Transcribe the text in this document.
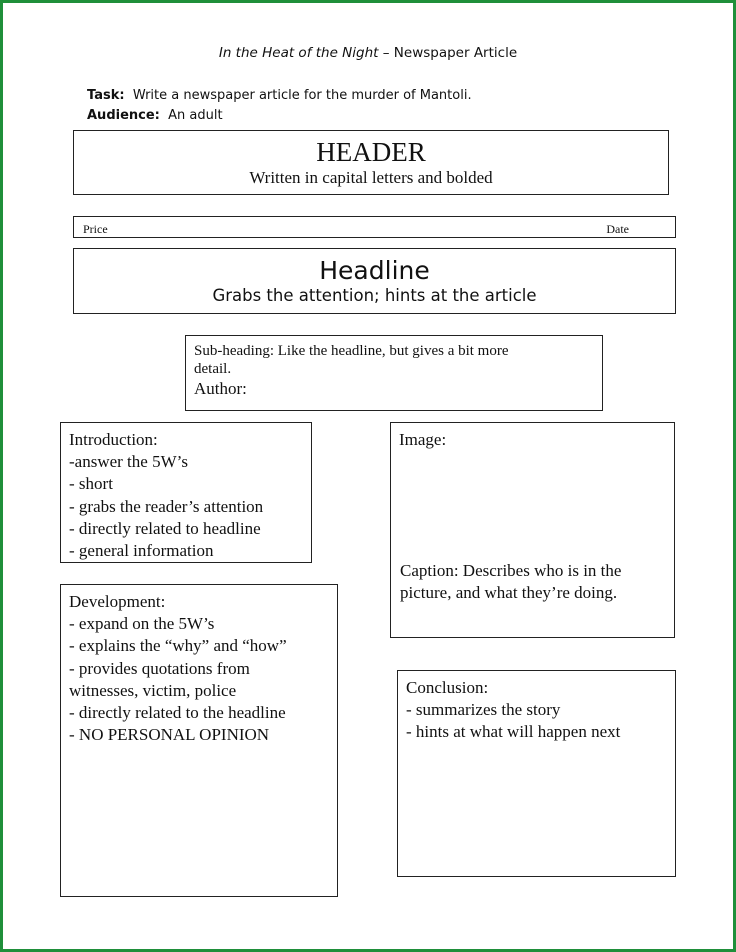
In the Heat of the Night – Newspaper Article
Task: Write a newspaper article for the murder of Mantoli.
Audience: An adult
HEADER
Written in capital letters and bolded
Price	Date
Headline
Grabs the attention; hints at the article
Sub-heading: Like the headline, but gives a bit more
detail.
Author:
Introduction:
-answer the 5W’s
- short
- grabs the reader’s attention
- directly related to headline
- general information
Image:
Caption: Describes who is in the
picture, and what they’re doing.
Development:
- expand on the 5W’s
- explains the “why” and “how”
- provides quotations from
witnesses, victim, police
- directly related to the headline
- NO PERSONAL OPINION
Conclusion:
- summarizes the story
- hints at what will happen next
